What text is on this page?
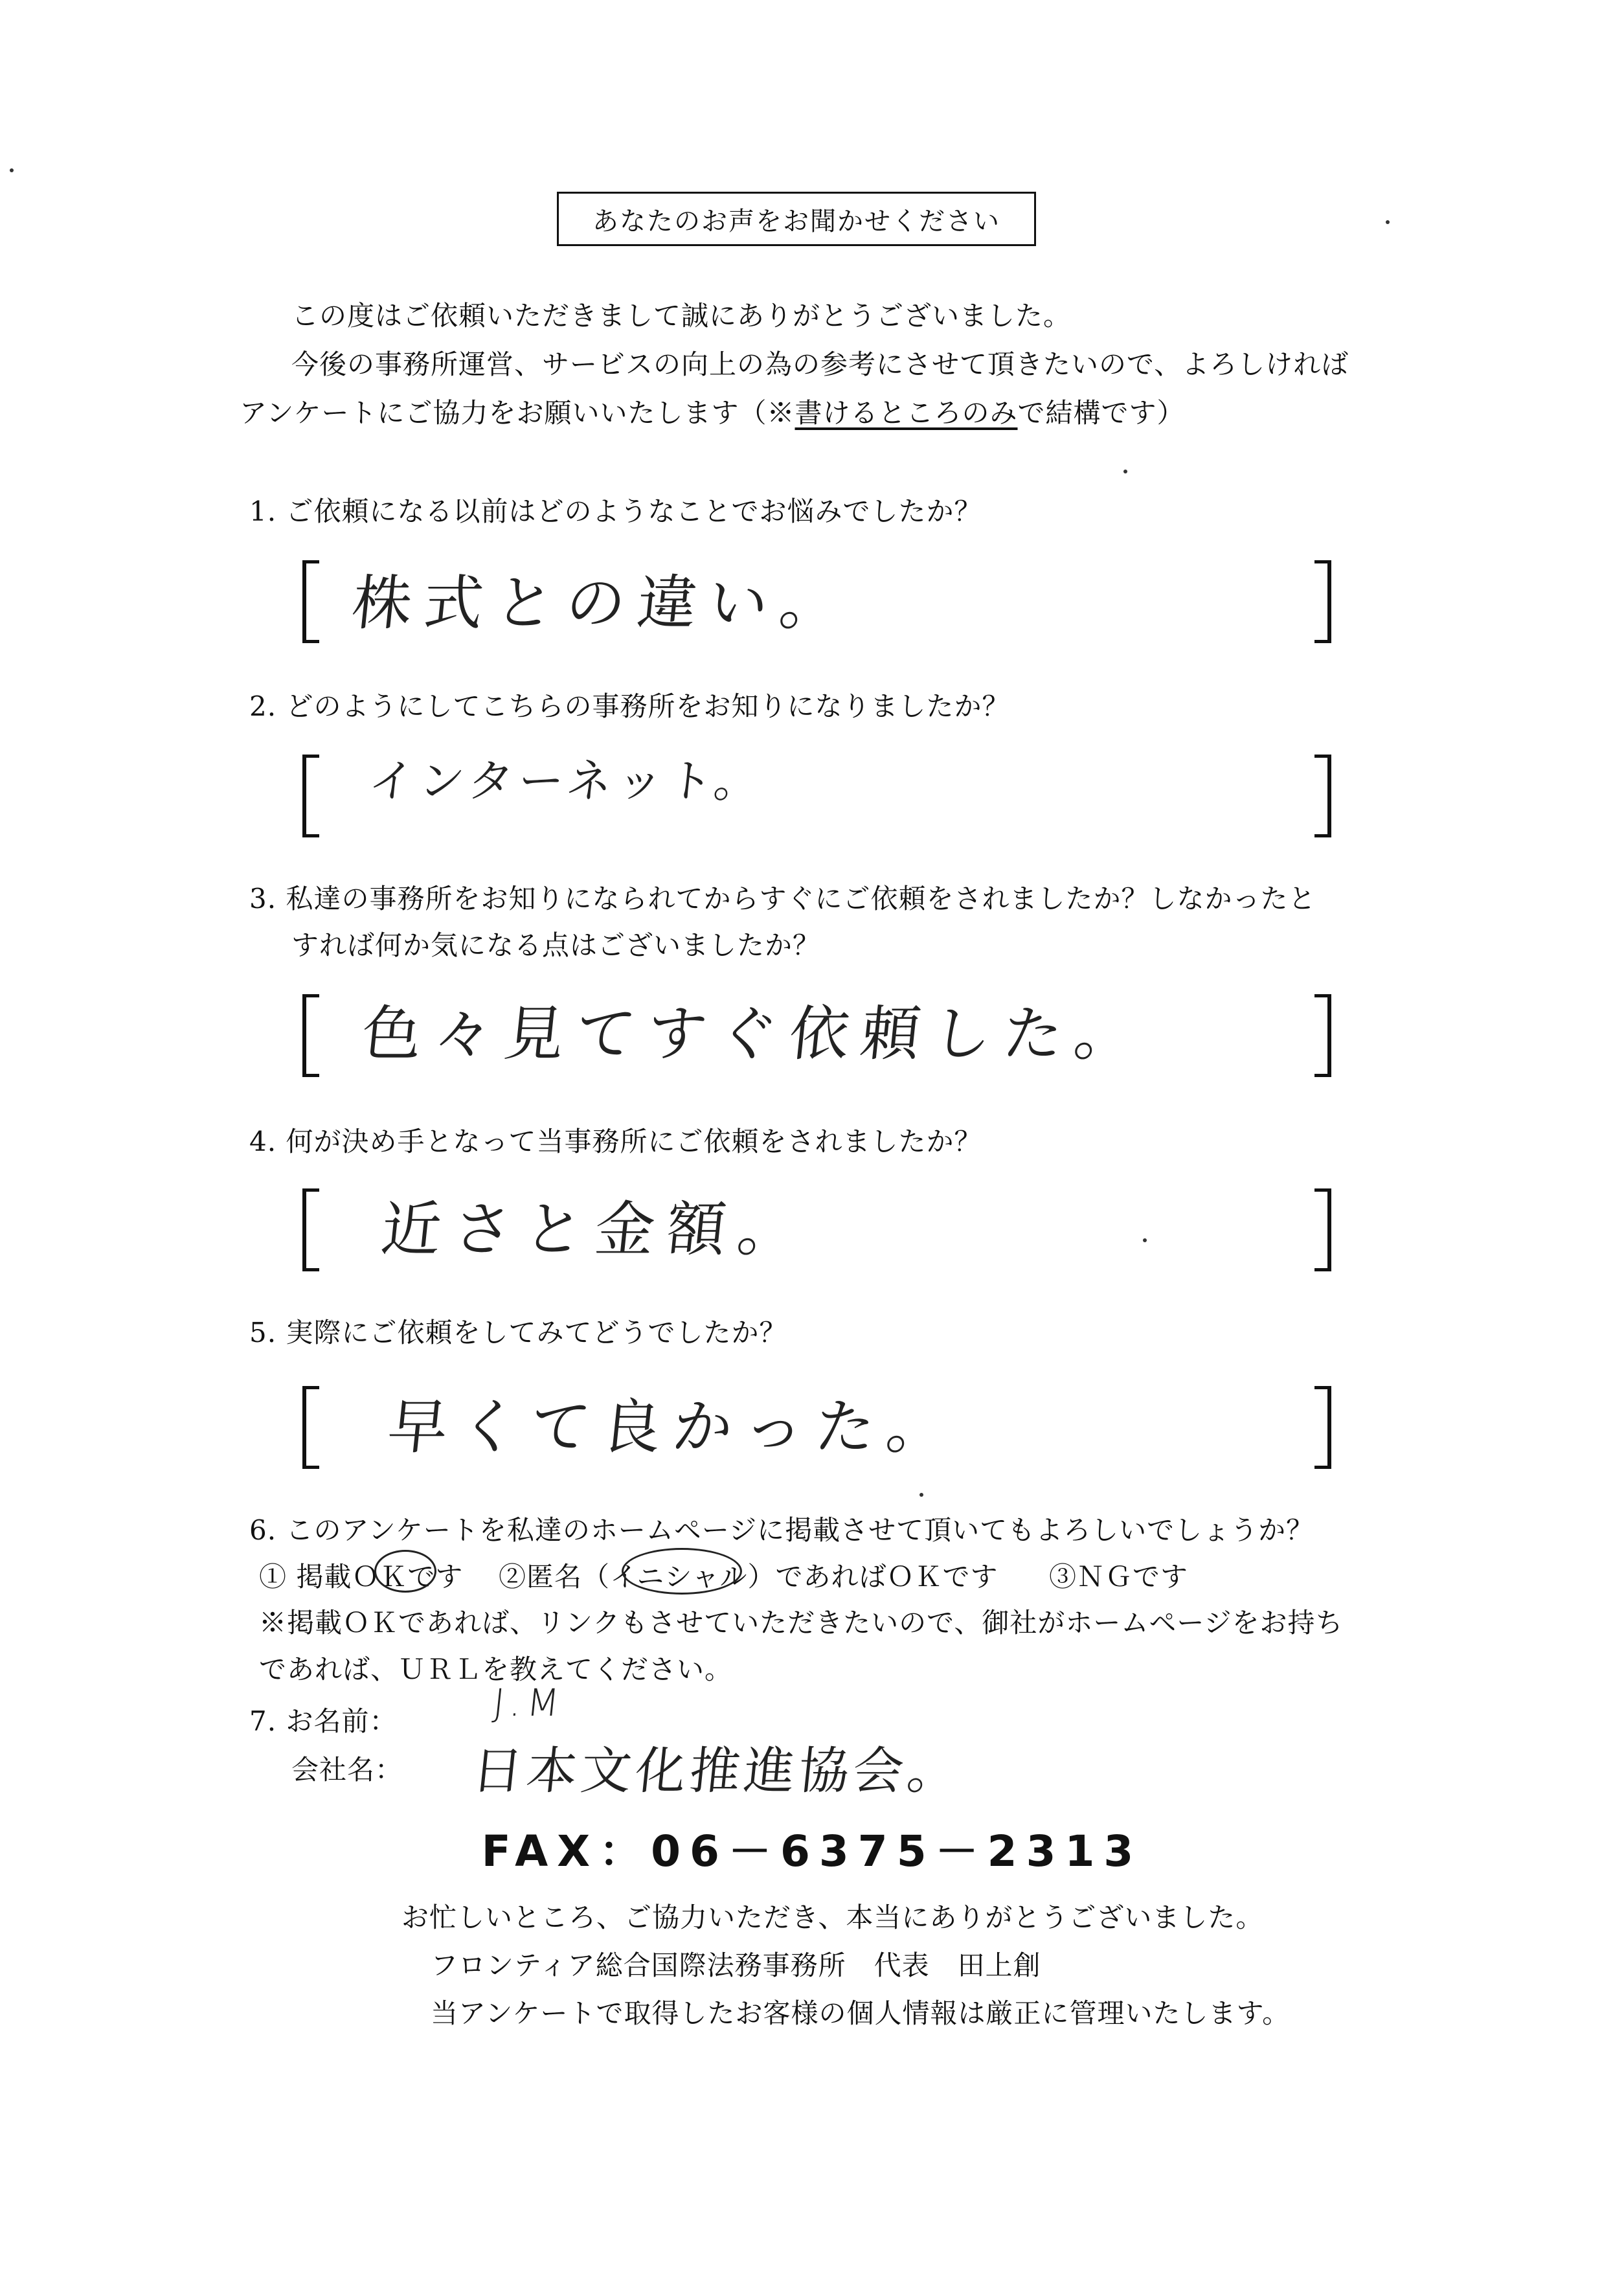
あなたのお声をお聞かせください
この度はご依頼いただきまして誠にありがとうございました。
今後の事務所運営、サービスの向上の為の参考にさせて頂きたいので、よろしければ
アンケートにご協力をお願いいたします（※書けるところのみで結構です）
1. ご依頼になる以前はどのようなことでお悩みでしたか？
株式との違い。
2. どのようにしてこちらの事務所をお知りになりましたか？
インターネット。
3. 私達の事務所をお知りになられてからすぐにご依頼をされましたか？しなかったと
すれば何か気になる点はございましたか？
色々見てすぐ依頼した。
4. 何が決め手となって当事務所にご依頼をされましたか？
近さと金額。
5. 実際にご依頼をしてみてどうでしたか？
早くて良かった。
6. このアンケートを私達のホームページに掲載させて頂いてもよろしいでしょうか？
① 掲載ＯＫです ②匿名（イニシャル）であればＯＫです ③ＮＧです
※掲載ＯＫであれば、リンクもさせていただきたいので、御社がホームページをお持ち
であれば、ＵＲＬを教えてください。
7. お名前： J.M
会社名： 日本文化推進協会。
FAX：06－6375－2313
お忙しいところ、ご協力いただき、本当にありがとうございました。
フロンティア総合国際法務事務所　代表　田上創
当アンケートで取得したお客様の個人情報は厳正に管理いたします。
